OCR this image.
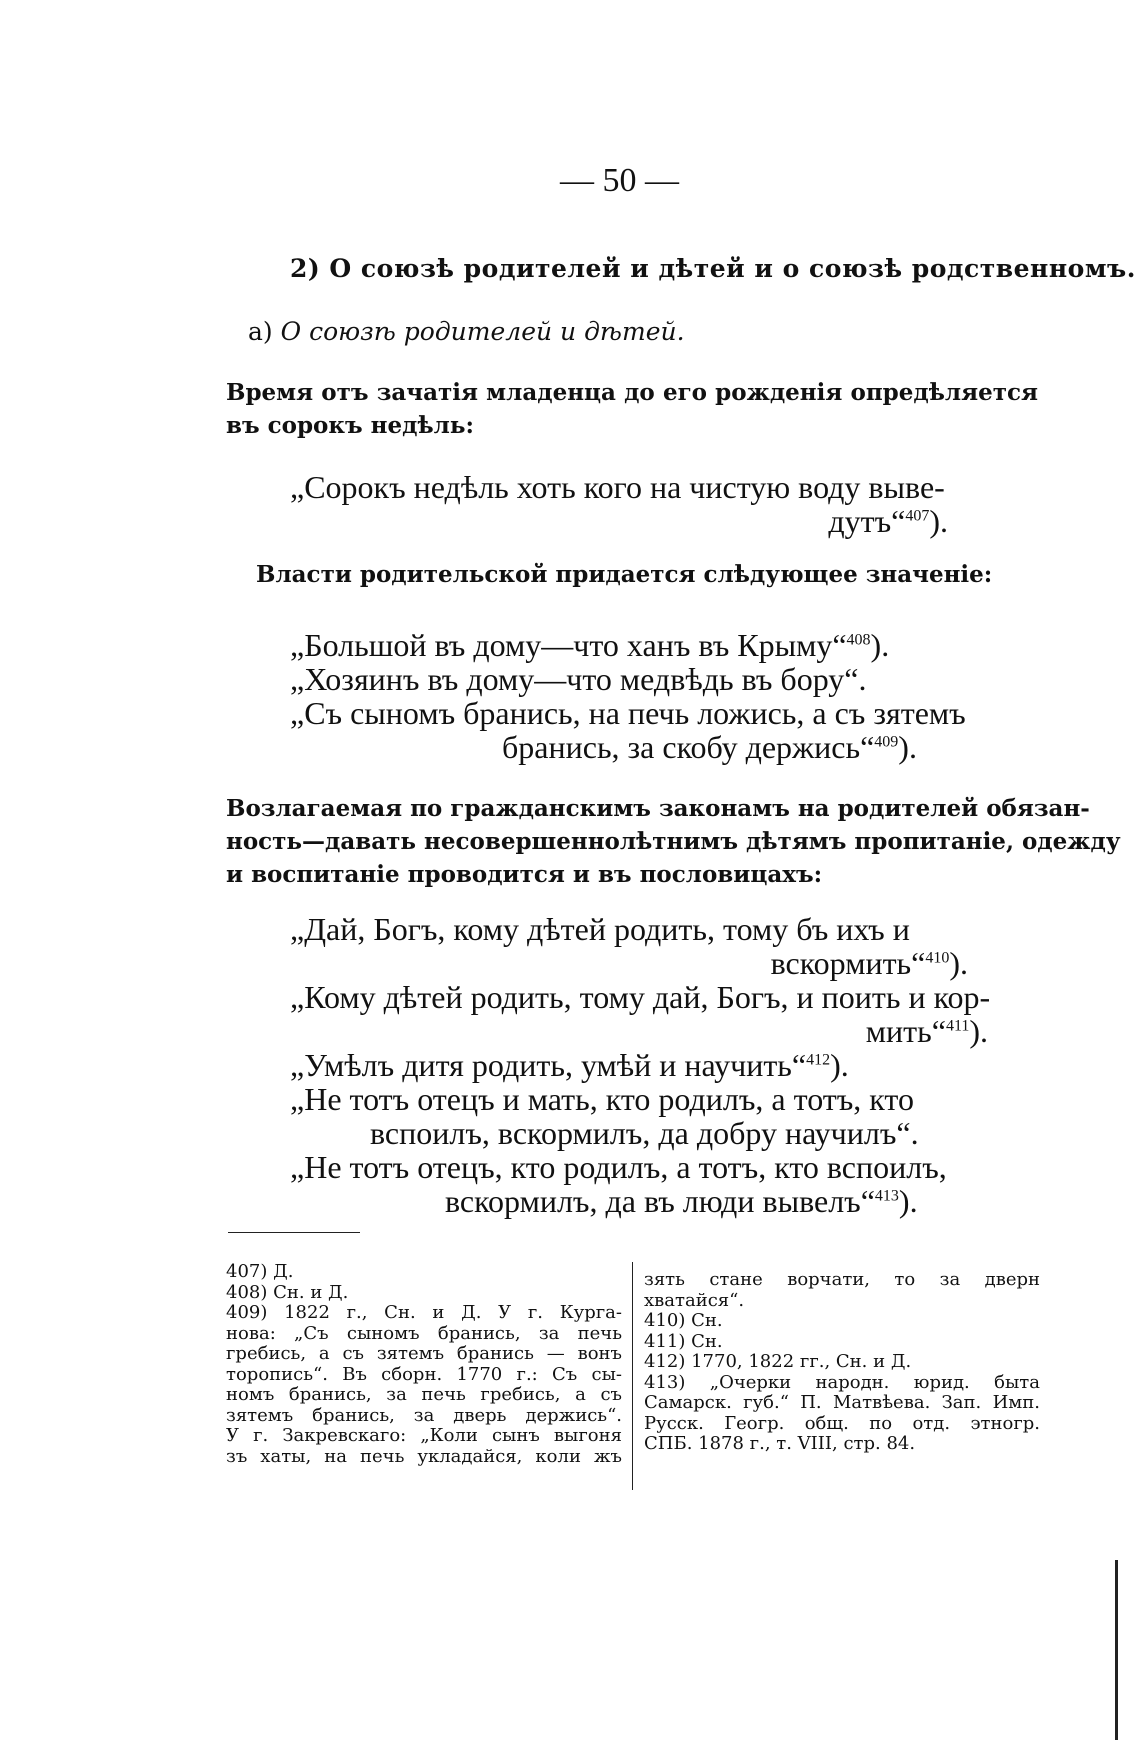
— 50 —
2) О союзѣ родителей и дѣтей и о союзѣ родственномъ.
а) О союзѣ родителей и дѣтей.
Время отъ зачатія младенца до его рожденія опредѣляется
въ сорокъ недѣль:
„Сорокъ недѣль хоть кого на чистую воду выве-
дутъ“$^{407}$).
Власти родительской придается слѣдующее значеніе:
„Большой въ дому—что ханъ въ Крыму“$^{408}$).
„Хозяинъ въ дому—что медвѣдь въ бору“.
„Съ сыномъ бранись, на печь ложись, а съ зятемъ
бранись, за скобу держись“$^{409}$).
Возлагаемая по гражданскимъ законамъ на родителей обязан-
ность—давать несовершеннолѣтнимъ дѣтямъ пропитаніе, одежду
и воспитаніе проводится и въ пословицахъ:
„Дай, Богъ, кому дѣтей родить, тому бъ ихъ и
вскормить“$^{410}$).
„Кому дѣтей родить, тому дай, Богъ, и поить и кор-
мить“$^{411}$).
„Умѣлъ дитя родить, умѣй и научить“$^{412}$).
„Не тотъ отецъ и мать, кто родилъ, а тотъ, кто
вспоилъ, вскормилъ, да добру научилъ“.
„Не тотъ отецъ, кто родилъ, а тотъ, кто вспоилъ,
вскормилъ, да въ люди вывелъ“$^{413}$).
407) Д.
408) Сн. и Д.
409) 1822 г., Сн. и Д. У г. Курга-
нова: „Съ сыномъ бранись, за печь
гребись, а съ зятемъ бранись — вонъ
торопись“. Въ сборн. 1770 г.: Съ сы-
номъ бранись, за печь гребись, а съ
зятемъ бранись, за дверь держись“.
У г. Закревскаго: „Коли сынъ выгоня
зъ хаты, на печь укладайся, коли жъ
зять стане ворчати, то за дверн
хватайся“.
410) Сн.
411) Сн.
412) 1770, 1822 гг., Сн. и Д.
413) „Очерки народн. юрид. быта
Самарск. губ.“ П. Матвѣева. Зап. Имп.
Русск. Геогр. общ. по отд. этногр.
СПБ. 1878 г., т. VIII, стр. 84.
